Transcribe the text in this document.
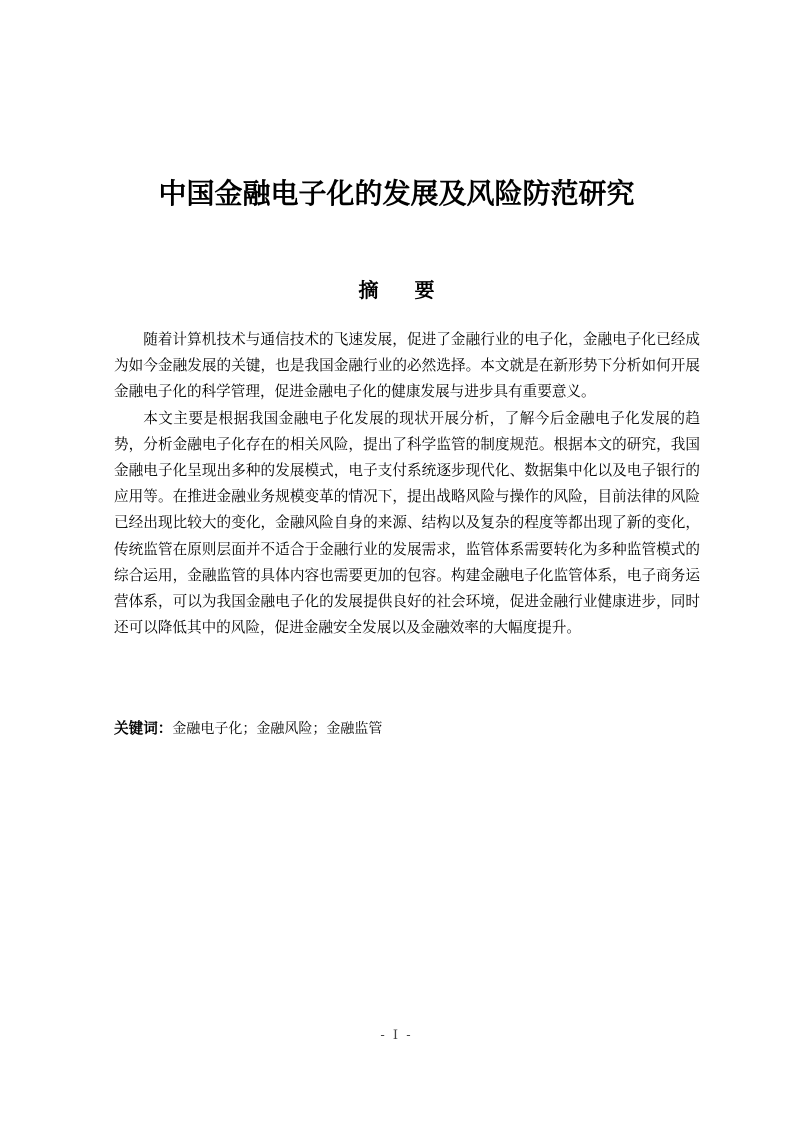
中国金融电子化的发展及风险防范研究
摘 要

随着计算机技术与通信技术的飞速发展，促进了金融行业的电子化，金融电子化已经成为如今金融发展的关键，也是我国金融行业的必然选择。本文就是在新形势下分析如何开展金融电子化的科学管理，促进金融电子化的健康发展与进步具有重要意义。

本文主要是根据我国金融电子化发展的现状开展分析，了解今后金融电子化发展的趋势，分析金融电子化存在的相关风险，提出了科学监管的制度规范。根据本文的研究，我国金融电子化呈现出多种的发展模式，电子支付系统逐步现代化、数据集中化以及电子银行的应用等。在推进金融业务规模变革的情况下，提出战略风险与操作的风险，目前法律的风险已经出现比较大的变化，金融风险自身的来源、结构以及复杂的程度等都出现了新的变化，传统监管在原则层面并不适合于金融行业的发展需求，监管体系需要转化为多种监管模式的综合运用，金融监管的具体内容也需要更加的包容。构建金融电子化监管体系，电子商务运营体系，可以为我国金融电子化的发展提供良好的社会环境，促进金融行业健康进步，同时还可以降低其中的风险，促进金融安全发展以及金融效率的大幅度提升。

关键词：金融电子化；金融风险；金融监管
- I -
